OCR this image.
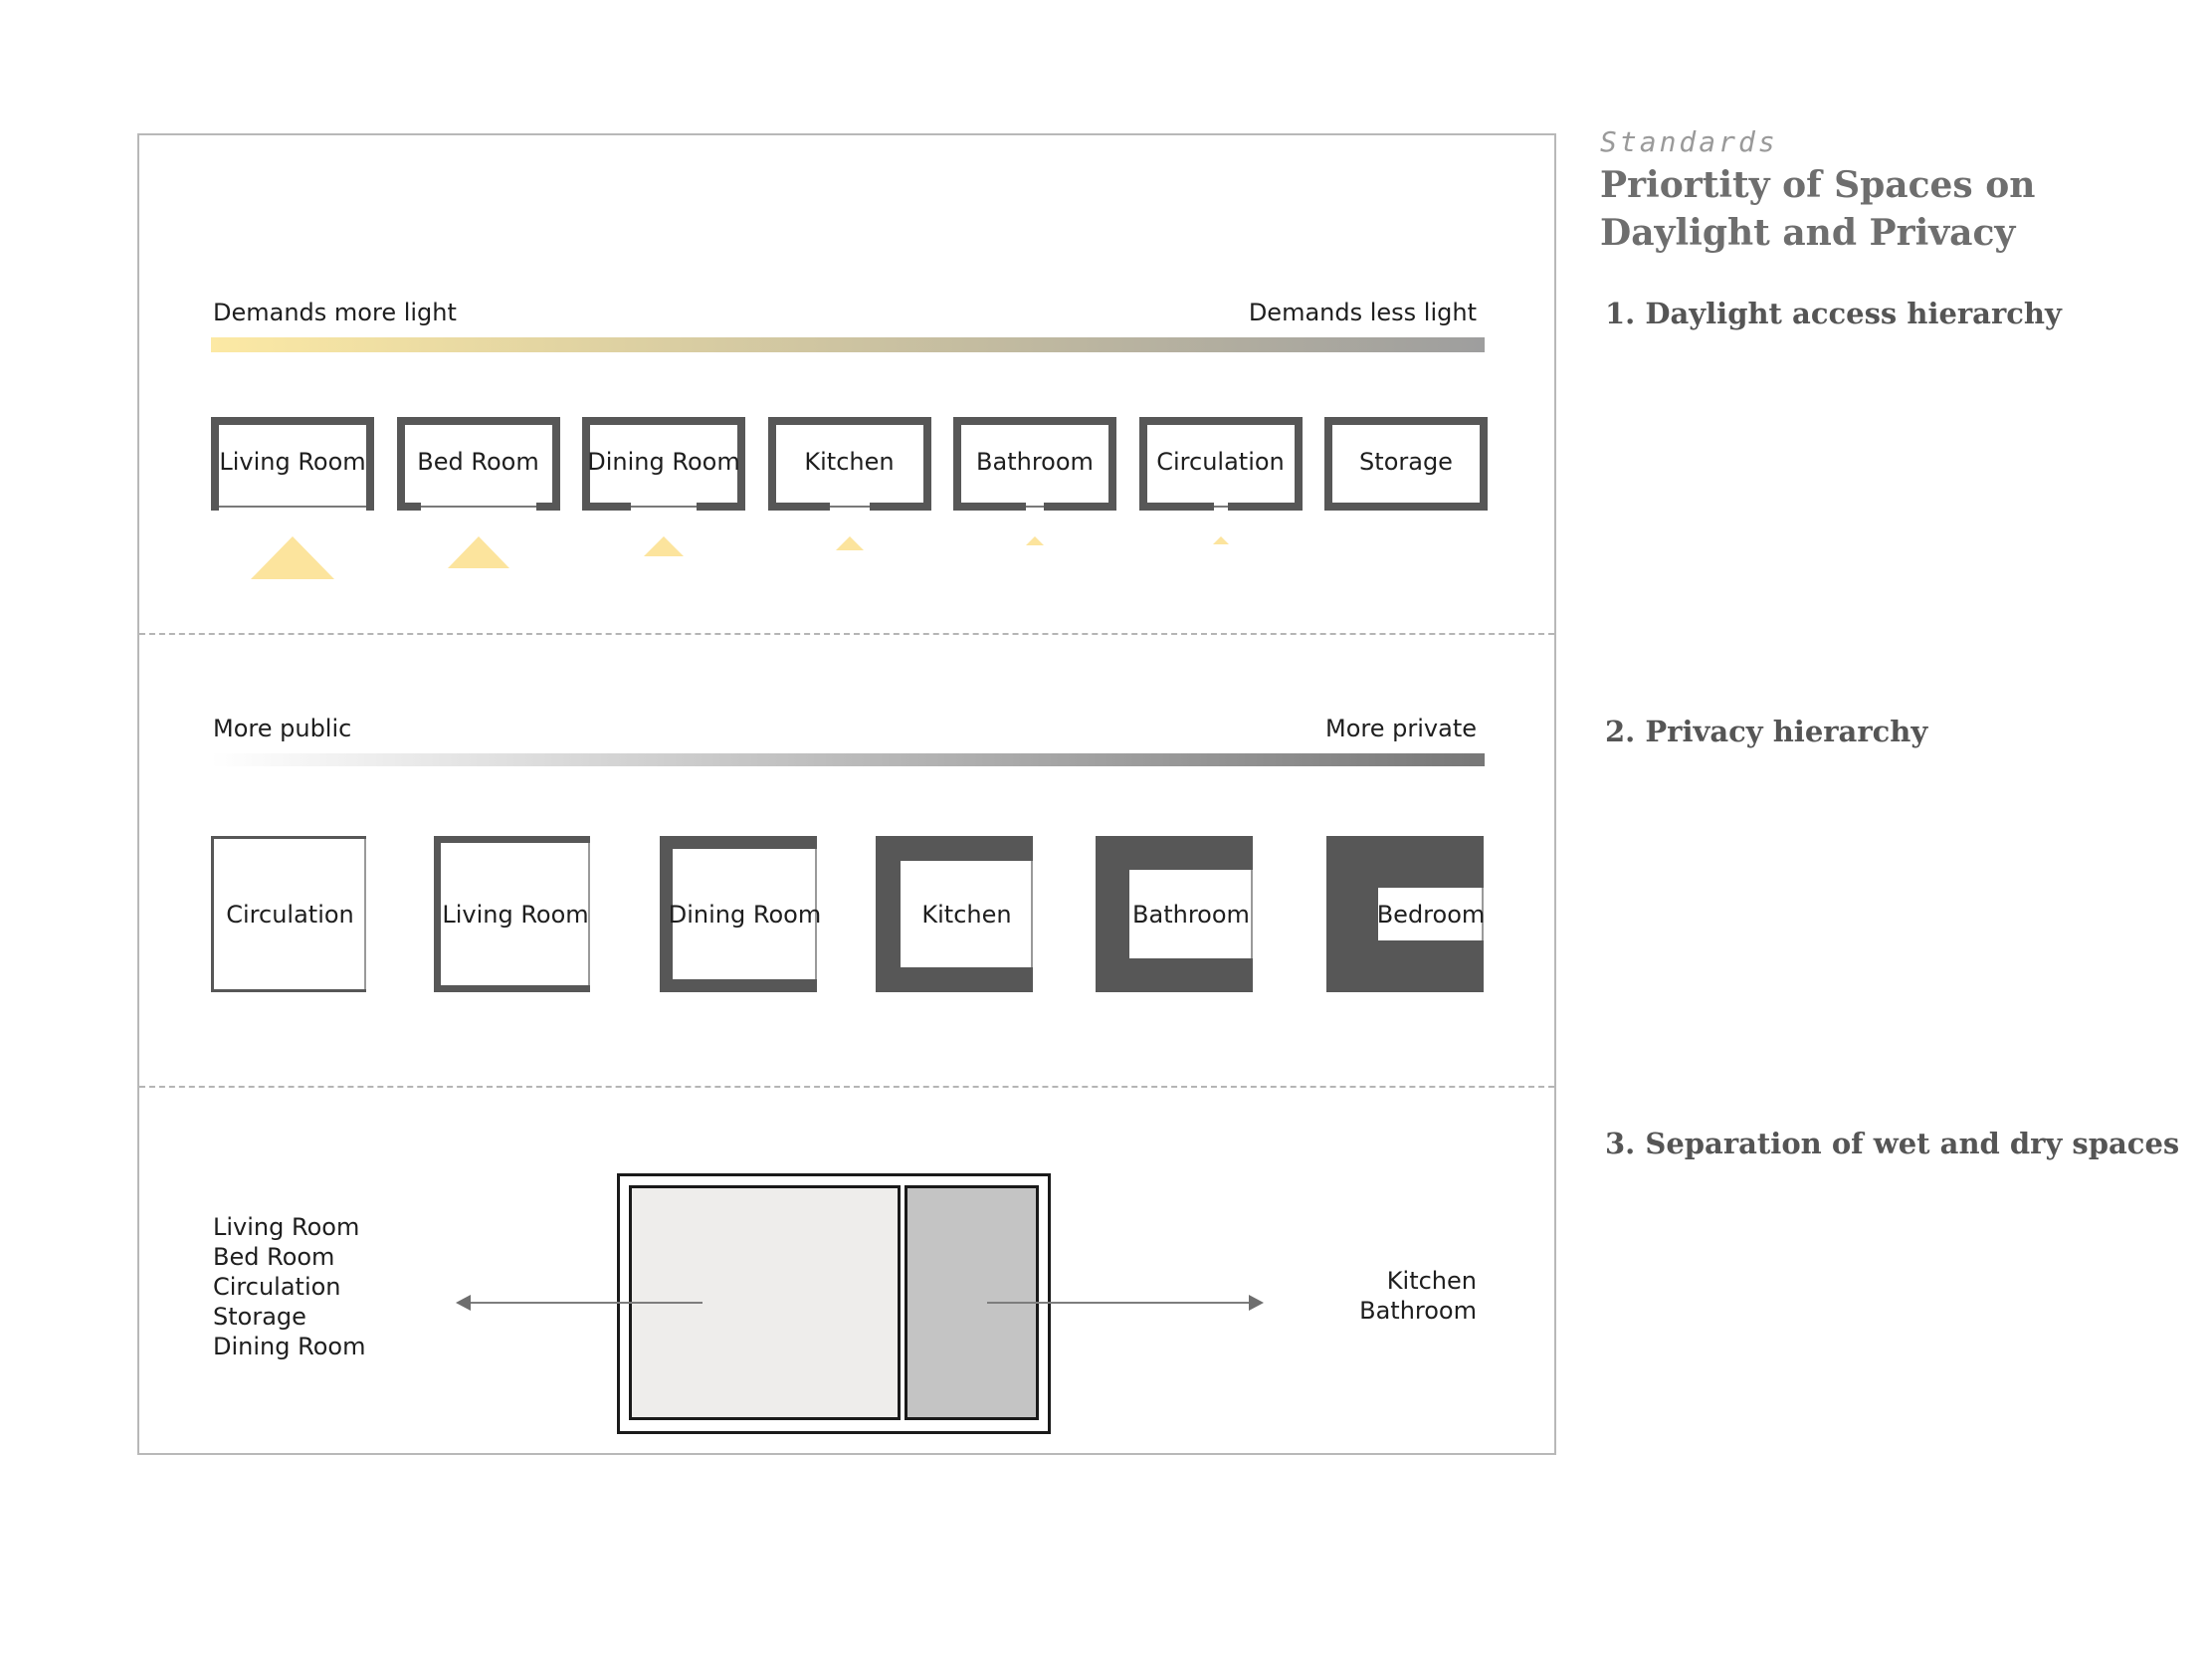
Standards
Priortity of Spaces on
Daylight and Privacy
1. Daylight access hierarchy
2. Privacy hierarchy
3. Separation of wet and dry spaces
Demands more light	Demands less light
Living Room	Bed Room	Dining Room	Kitchen	Bathroom	Circulation	Storage
More public	More private
Circulation	Living Room	Dining Room	Kitchen	Bathroom	Bedroom
Living Room
Bed Room
Circulation
Storage
Dining Room
Kitchen
Bathroom
